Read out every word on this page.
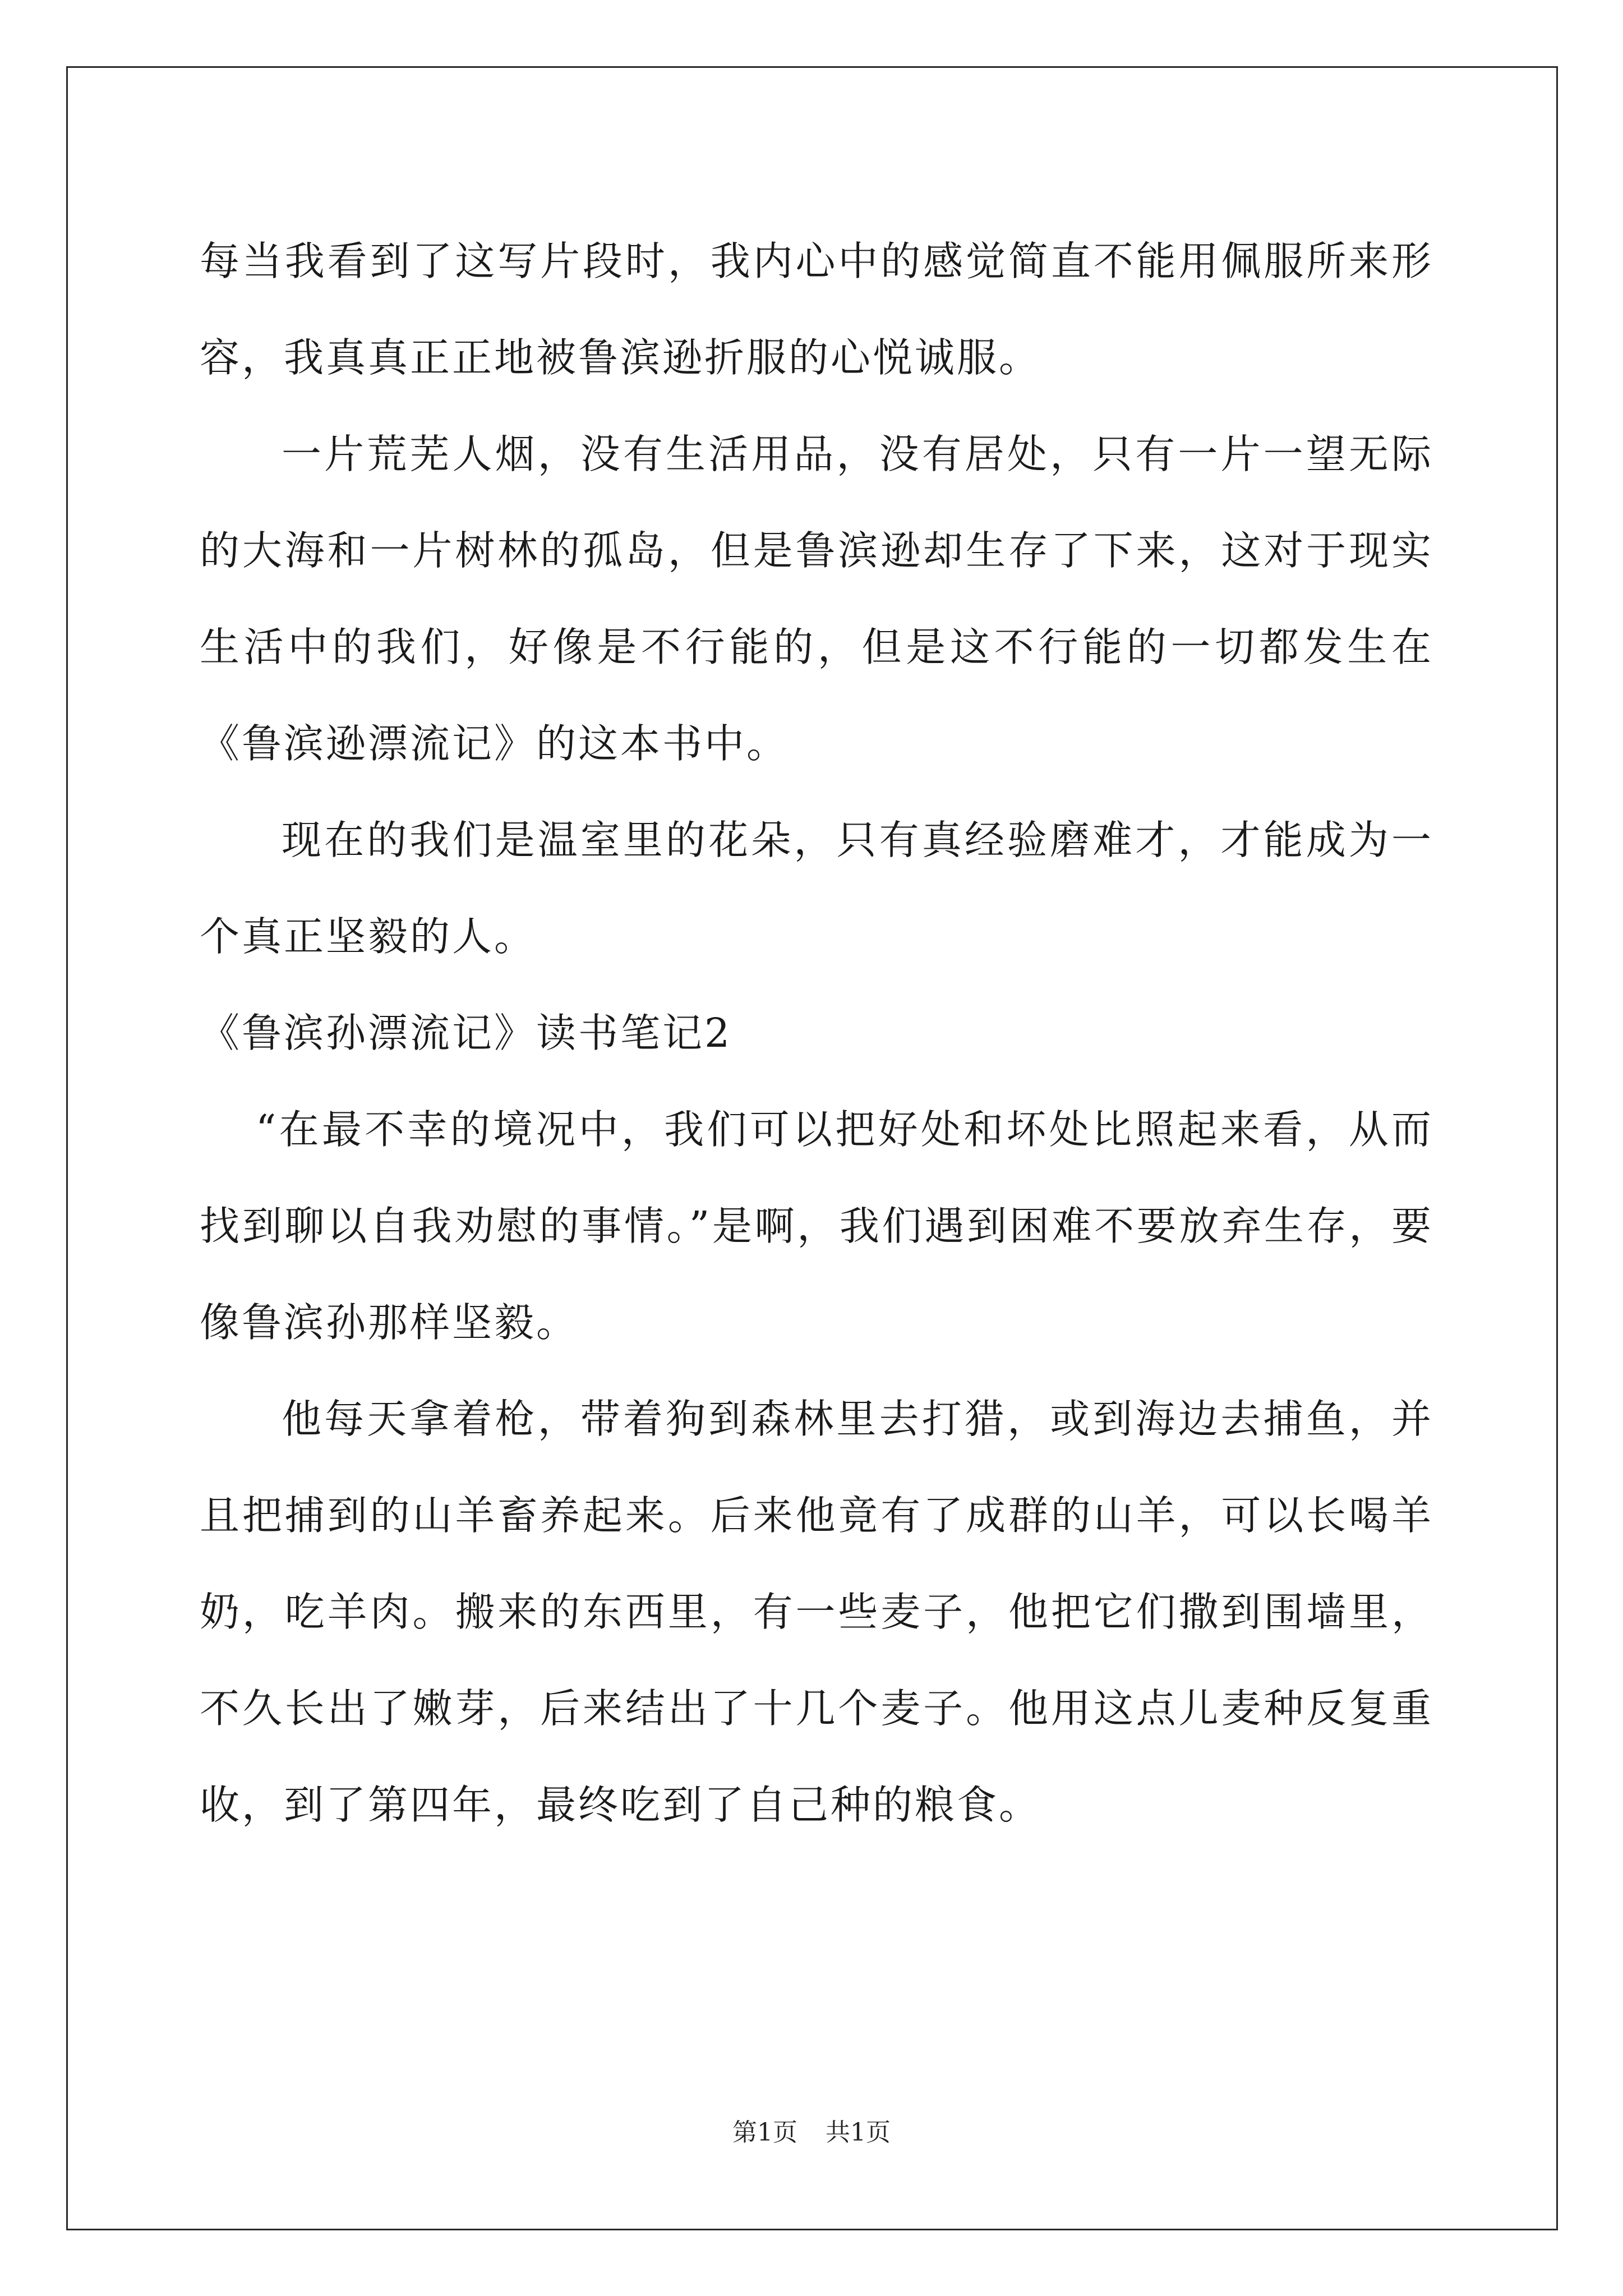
每当我看到了这写片段时，我内心中的感觉简直不能用佩服所来形容，我真真正正地被鲁滨逊折服的心悦诚服。

一片荒芜人烟，没有生活用品，没有居处，只有一片一望无际的大海和一片树林的孤岛，但是鲁滨逊却生存了下来，这对于现实生活中的我们，好像是不行能的，但是这不行能的一切都发生在《鲁滨逊漂流记》的这本书中。

现在的我们是温室里的花朵，只有真经验磨难才，才能成为一个真正坚毅的人。

《鲁滨孙漂流记》读书笔记2

“在最不幸的境况中，我们可以把好处和坏处比照起来看，从而找到聊以自我劝慰的事情。”是啊，我们遇到困难不要放弃生存，要像鲁滨孙那样坚毅。

他每天拿着枪，带着狗到森林里去打猎，或到海边去捕鱼，并且把捕到的山羊畜养起来。后来他竟有了成群的山羊，可以长喝羊奶，吃羊肉。搬来的东西里，有一些麦子，他把它们撒到围墙里，不久长出了嫩芽，后来结出了十几个麦子。他用这点儿麦种反复重收，到了第四年，最终吃到了自己种的粮食。

第1页 共1页
